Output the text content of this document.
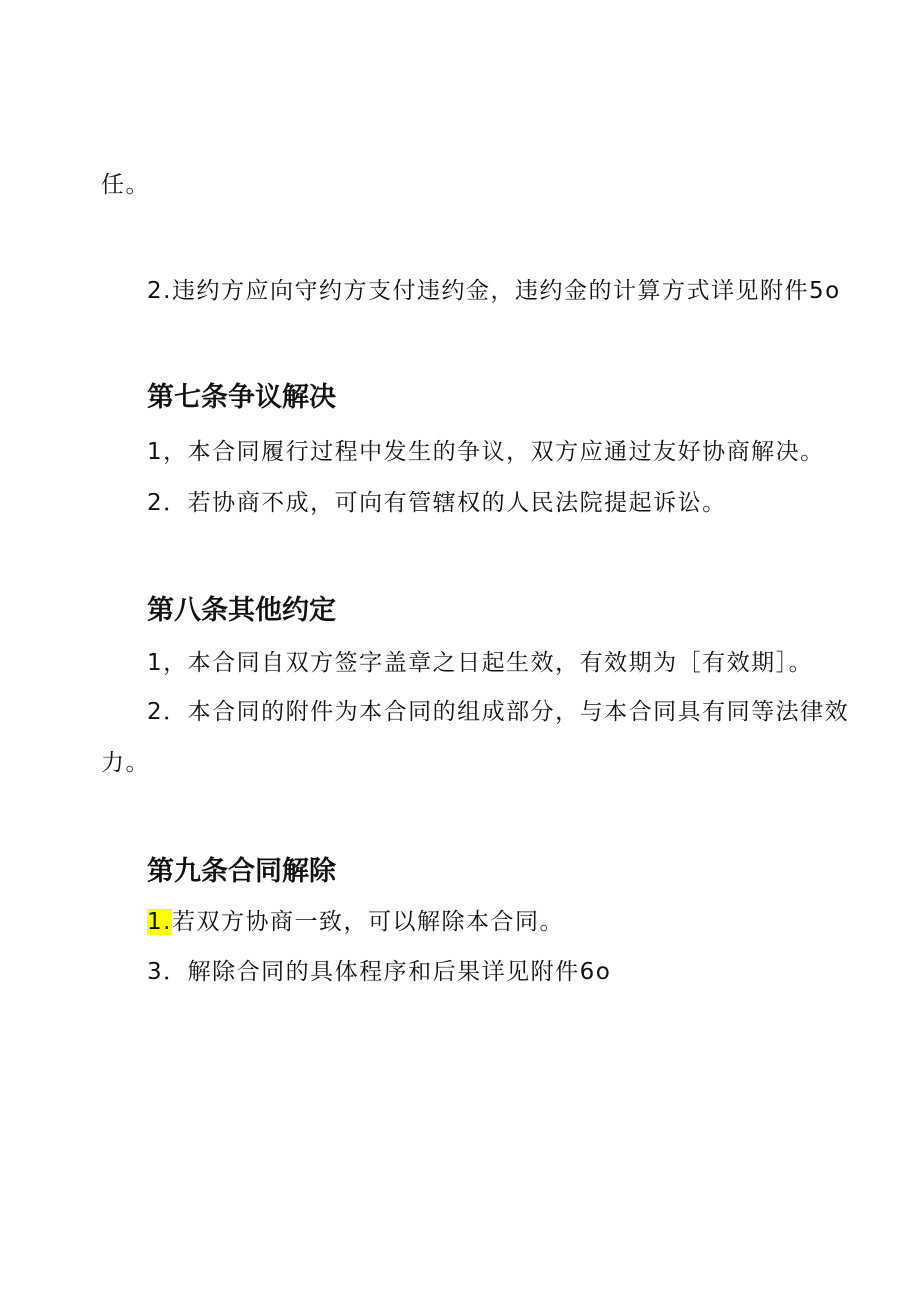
任。
2.违约方应向守约方支付违约金，违约金的计算方式详见附件5o
第七条争议解决
1，本合同履行过程中发生的争议，双方应通过友好协商解决。
2．若协商不成，可向有管辖权的人民法院提起诉讼。
第八条其他约定
1，本合同自双方签字盖章之日起生效，有效期为［有效期］。
2．本合同的附件为本合同的组成部分，与本合同具有同等法律效
力。
第九条合同解除
1.若双方协商一致，可以解除本合同。
3．解除合同的具体程序和后果详见附件6o
